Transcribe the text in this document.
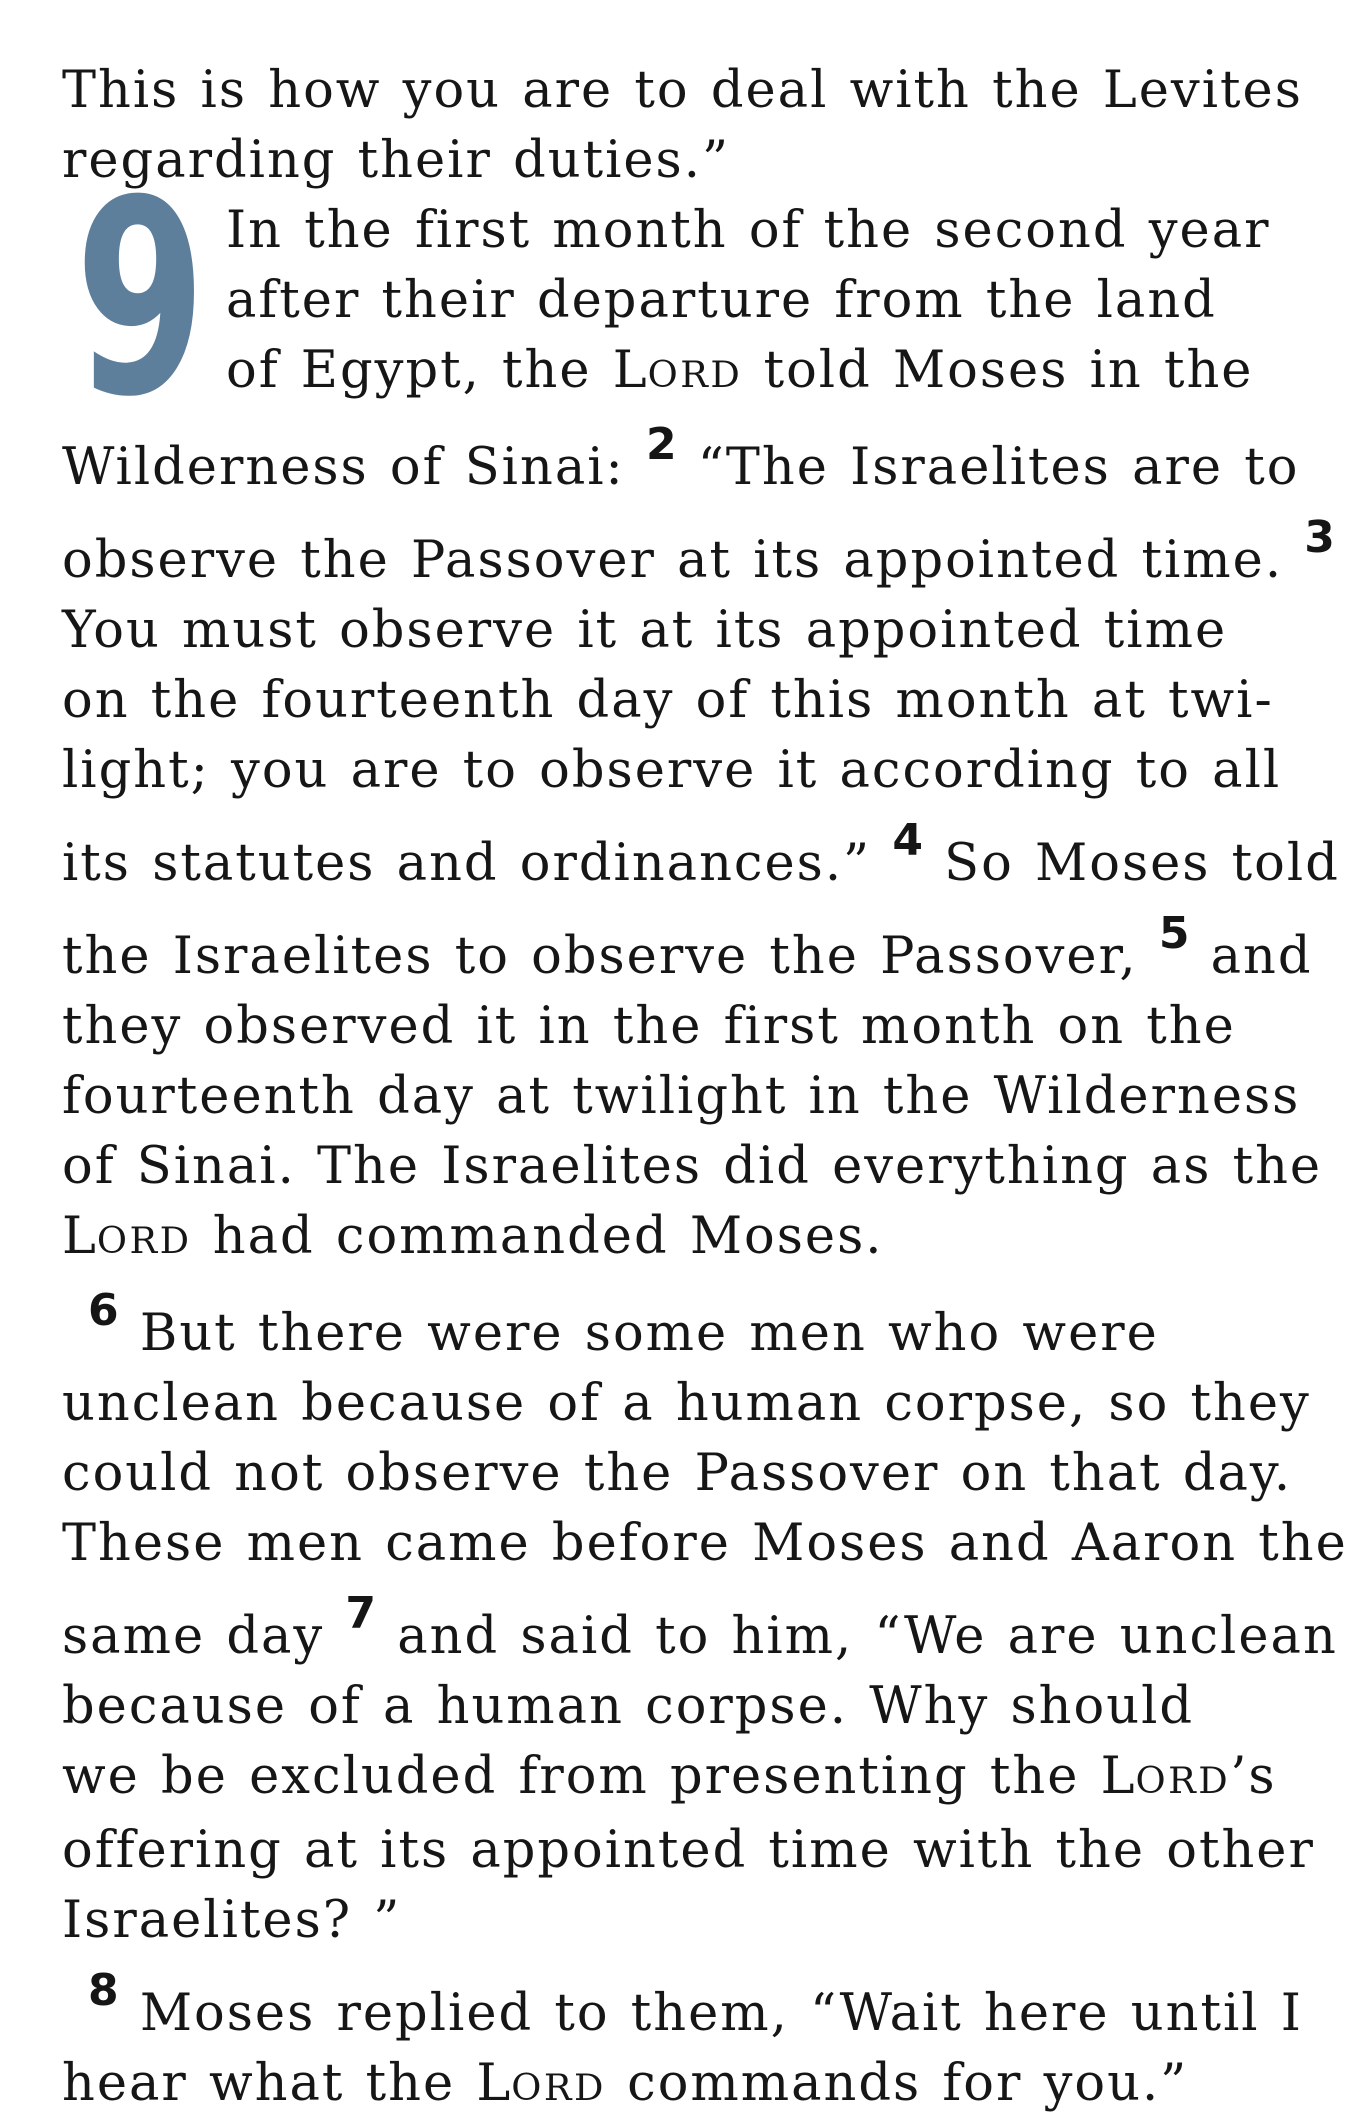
This is how you are to deal with the Levites
regarding their duties.”
9 In the first month of the second year
after their departure from the land
of Egypt, the LORD told Moses in the
Wilderness of Sinai: 2 “The Israelites are to
observe the Passover at its appointed time. 3
You must observe it at its appointed time
on the fourteenth day of this month at twi-
light; you are to observe it according to all
its statutes and ordinances.” 4 So Moses told
the Israelites to observe the Passover, 5 and
they observed it in the first month on the
fourteenth day at twilight in the Wilderness
of Sinai. The Israelites did everything as the
LORD had commanded Moses.
6 But there were some men who were
unclean because of a human corpse, so they
could not observe the Passover on that day.
These men came before Moses and Aaron the
same day 7 and said to him, “We are unclean
because of a human corpse. Why should
we be excluded from presenting the LORD’s
offering at its appointed time with the other
Israelites? ”
8 Moses replied to them, “Wait here until I
hear what the LORD commands for you.”
